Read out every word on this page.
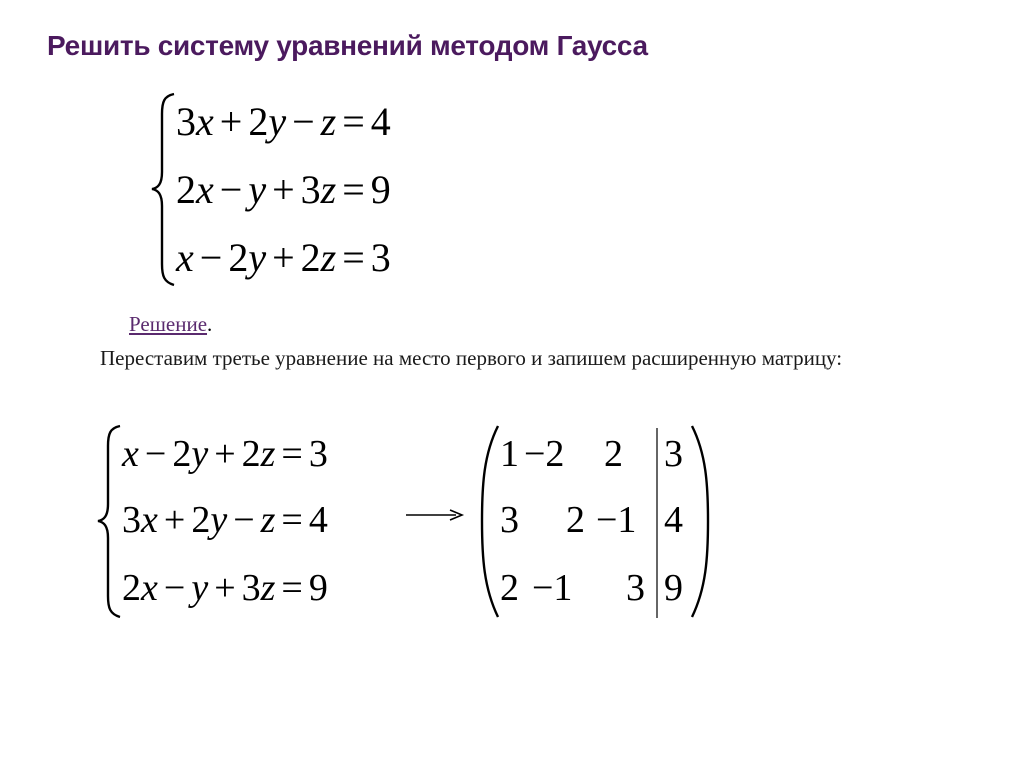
Решить систему уравнений методом Гаусса
3x + 2y − z = 4
2x − y + 3z = 9
x − 2y + 2z = 3
Решение.
Переставим третье уравнение на место первого и запишем расширенную матрицу:
x − 2y + 2z = 3
3x + 2y − z = 4
2x − y + 3z = 9
1 −2 2 3
3 2 −1 4
2 −1 3 9
